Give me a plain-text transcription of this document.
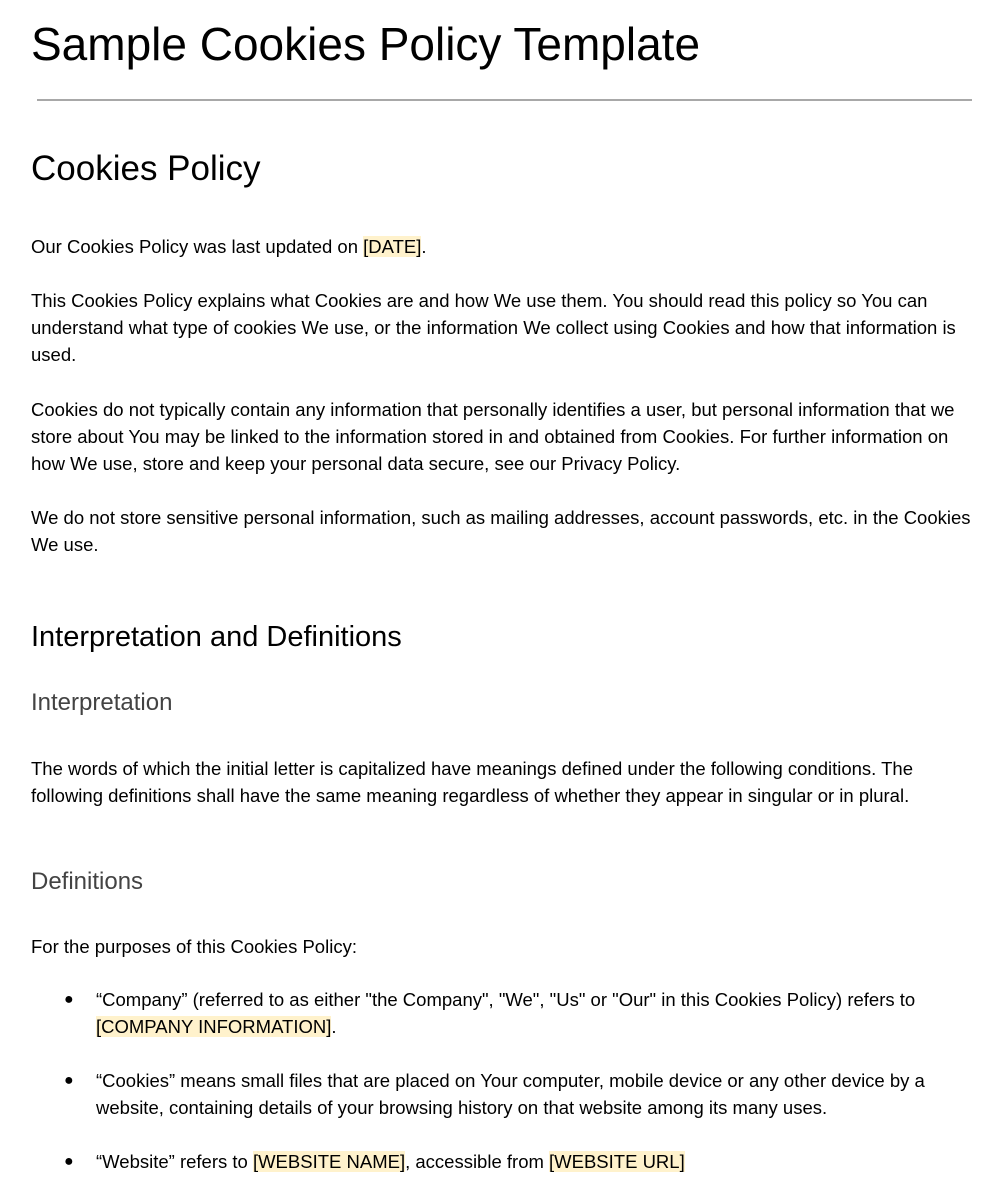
Sample Cookies Policy Template
Cookies Policy

Our Cookies Policy was last updated on [DATE].

This Cookies Policy explains what Cookies are and how We use them. You should read this policy so You can understand what type of cookies We use, or the information We collect using Cookies and how that information is used.

Cookies do not typically contain any information that personally identifies a user, but personal information that we store about You may be linked to the information stored in and obtained from Cookies. For further information on how We use, store and keep your personal data secure, see our Privacy Policy.

We do not store sensitive personal information, such as mailing addresses, account passwords, etc. in the Cookies We use.

Interpretation and Definitions
Interpretation

The words of which the initial letter is capitalized have meanings defined under the following conditions. The following definitions shall have the same meaning regardless of whether they appear in singular or in plural.

Definitions

For the purposes of this Cookies Policy:

● “Company” (referred to as either "the Company", "We", "Us" or "Our" in this Cookies Policy) refers to [COMPANY INFORMATION].
● “Cookies” means small files that are placed on Your computer, mobile device or any other device by a website, containing details of your browsing history on that website among its many uses.
● “Website” refers to [WEBSITE NAME], accessible from [WEBSITE URL]
